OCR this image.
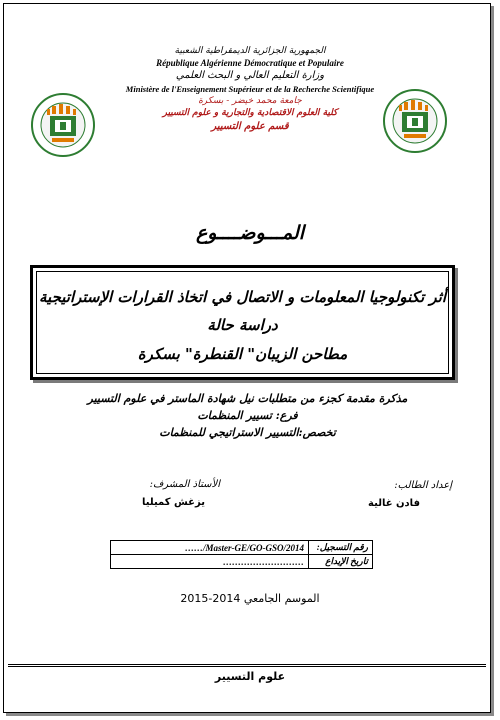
الجمهورية الجزائرية الديمقراطية الشعبية
République Algérienne Démocratique et Populaire
وزارة التعليم العالي و البحث العلمي
Ministère de l'Enseignement Supérieur et de la Recherche Scientifique
جامعة محمد خيضر - بسكرة
كلية العلوم الاقتصادية والتجارية و علوم التسيير
قسم علوم التسيير
المـــوضــــوع
أثر تكنولوجيا المعلومات و الاتصال في اتخاذ القرارات الإستراتيجية
دراسة حالة
مطاحن الزيبان" القنطرة" بسكرة
مذكرة مقدمة كجزء من متطلبات نيل شهادة الماستر في علوم التسيير
فرع: تسيير المنظمات
تخصص:التسيير الاستراتيجي للمنظمات
إعداد الطالب:
فادن غالية
الأستاذ المشرف:
يزغش كميليا
……/Master-GE/GO-GSO/2014	رقم التسجيل:
………………………	تاريخ الإيداع
الموسم الجامعي 2014-2015
علوم التسيير
